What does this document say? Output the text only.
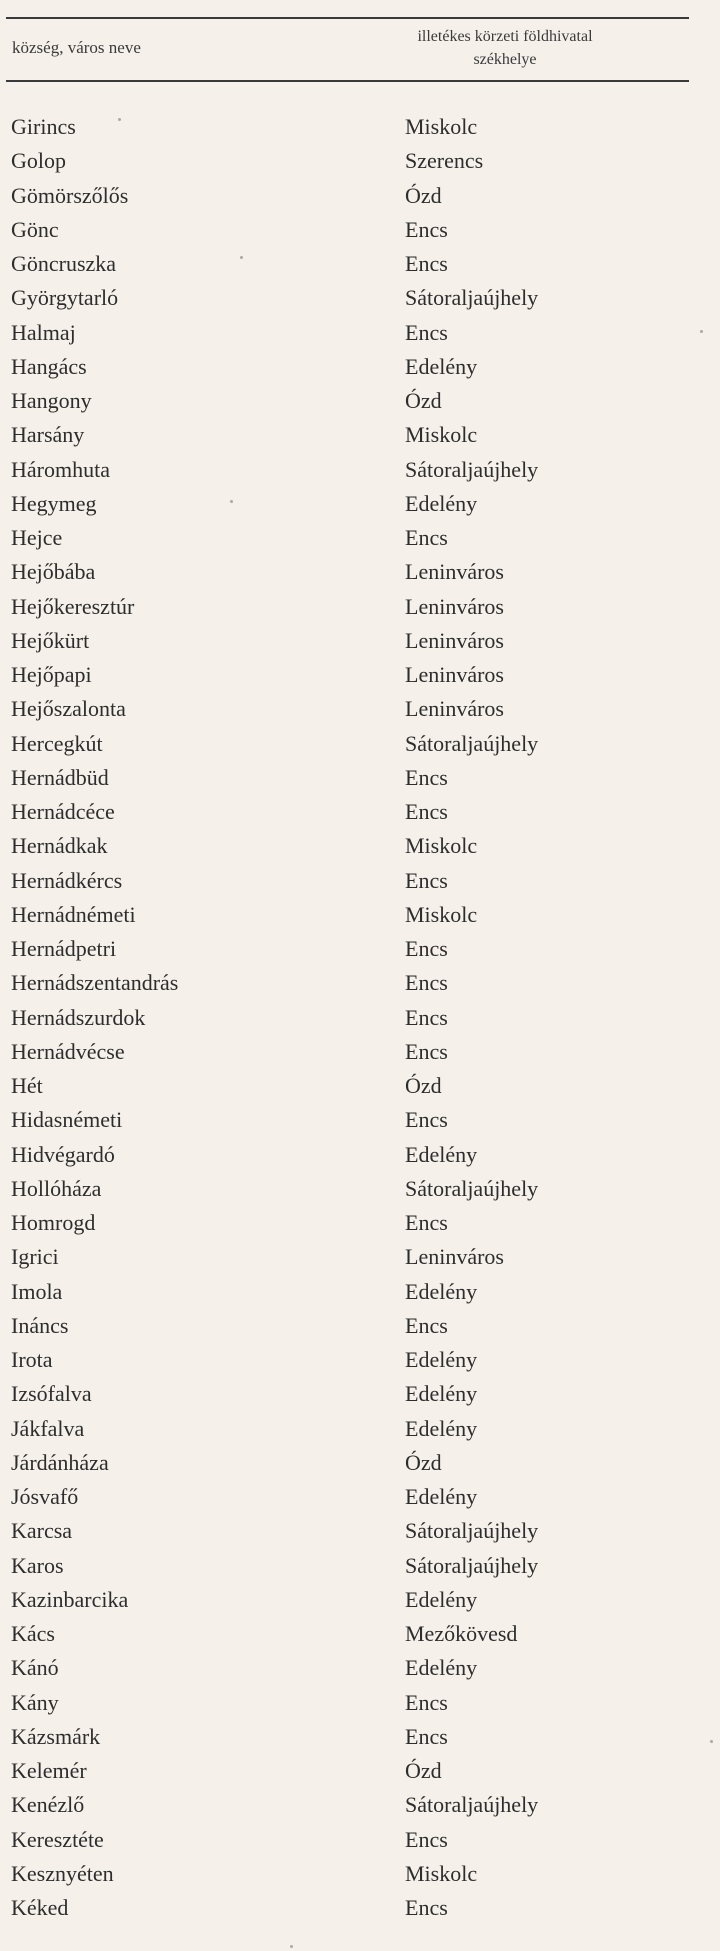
község, város neve
illetékes körzeti földhivatal
székhelye
Girincs	Miskolc
Golop	Szerencs
Gömörszőlős	Ózd
Gönc	Encs
Göncruszka	Encs
Györgytarló	Sátoraljaújhely
Halmaj	Encs
Hangács	Edelény
Hangony	Ózd
Harsány	Miskolc
Háromhuta	Sátoraljaújhely
Hegymeg	Edelény
Hejce	Encs
Hejőbába	Leninváros
Hejőkeresztúr	Leninváros
Hejőkürt	Leninváros
Hejőpapi	Leninváros
Hejőszalonta	Leninváros
Hercegkút	Sátoraljaújhely
Hernádbüd	Encs
Hernádcéce	Encs
Hernádkak	Miskolc
Hernádkércs	Encs
Hernádnémeti	Miskolc
Hernádpetri	Encs
Hernádszentandrás	Encs
Hernádszurdok	Encs
Hernádvécse	Encs
Hét	Ózd
Hidasnémeti	Encs
Hidvégardó	Edelény
Hollóháza	Sátoraljaújhely
Homrogd	Encs
Igrici	Leninváros
Imola	Edelény
Ináncs	Encs
Irota	Edelény
Izsófalva	Edelény
Jákfalva	Edelény
Járdánháza	Ózd
Jósvafő	Edelény
Karcsa	Sátoraljaújhely
Karos	Sátoraljaújhely
Kazinbarcika	Edelény
Kács	Mezőkövesd
Kánó	Edelény
Kány	Encs
Kázsmárk	Encs
Kelemér	Ózd
Kenézlő	Sátoraljaújhely
Keresztéte	Encs
Kesznyéten	Miskolc
Kéked	Encs
